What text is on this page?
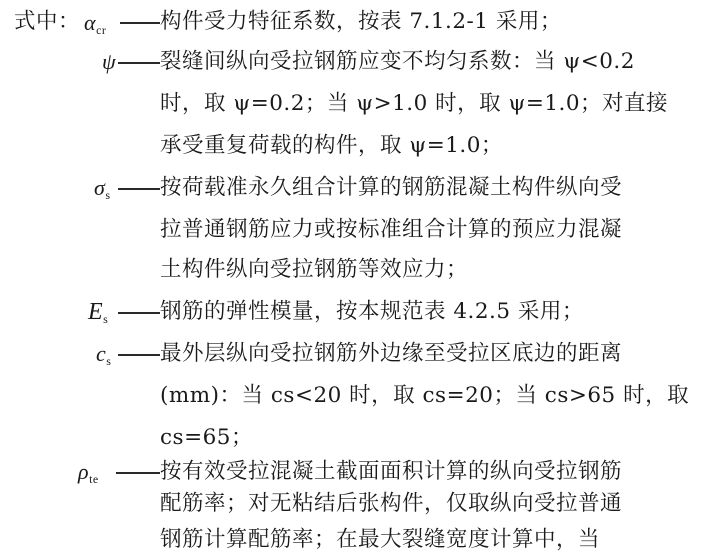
式中： $\alpha_{cr}$ 构件受力特征系数，按表 7.1.2-1 采用；
ψ 裂缝间纵向受拉钢筋应变不均匀系数：当 ψ<0.2
时，取 ψ=0.2；当 ψ>1.0 时，取 ψ=1.0；对直接
承受重复荷载的构件，取 ψ=1.0；
$\sigma_s$ 按荷载准永久组合计算的钢筋混凝土构件纵向受
拉普通钢筋应力或按标准组合计算的预应力混凝
土构件纵向受拉钢筋等效应力；
$E_s$ 钢筋的弹性模量，按本规范表 4.2.5 采用；
$c_s$ 最外层纵向受拉钢筋外边缘至受拉区底边的距离
(mm)：当 cs<20 时，取 cs=20；当 cs>65 时，取
cs=65；
$\rho_{te}$	按有效受拉混凝土截面面积计算的纵向受拉钢筋
配筋率；对无粘结后张构件，仅取纵向受拉普通
钢筋计算配筋率；在最大裂缝宽度计算中，当
